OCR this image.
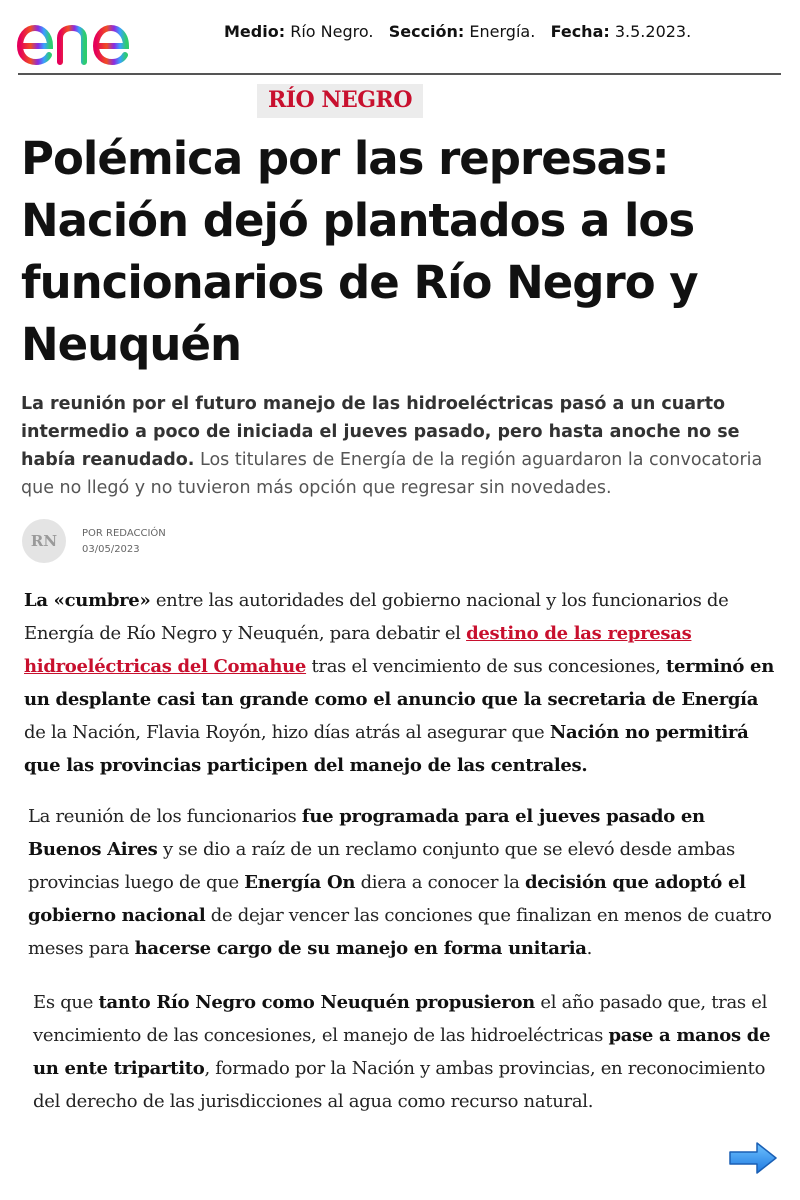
Medio: Río Negro. Sección: Energía. Fecha: 3.5.2023.
RÍO NEGRO
Polémica por las represas: Nación dejó plantados a los funcionarios de Río Negro y Neuquén

La reunión por el futuro manejo de las hidroeléctricas pasó a un cuarto intermedio a poco de iniciada el jueves pasado, pero hasta anoche no se había reanudado. Los titulares de Energía de la región aguardaron la convocatoria que no llegó y no tuvieron más opción que regresar sin novedades.

RN	POR REDACCIÓN
03/05/2023

La «cumbre» entre las autoridades del gobierno nacional y los funcionarios de Energía de Río Negro y Neuquén, para debatir el destino de las represas hidroeléctricas del Comahue tras el vencimiento de sus concesiones, terminó en un desplante casi tan grande como el anuncio que la secretaria de Energía de la Nación, Flavia Royón, hizo días atrás al asegurar que Nación no permitirá que las provincias participen del manejo de las centrales.

La reunión de los funcionarios fue programada para el jueves pasado en Buenos Aires y se dio a raíz de un reclamo conjunto que se elevó desde ambas provincias luego de que Energía On diera a conocer la decisión que adoptó el gobierno nacional de dejar vencer las conciones que finalizan en menos de cuatro meses para hacerse cargo de su manejo en forma unitaria.

Es que tanto Río Negro como Neuquén propusieron el año pasado que, tras el vencimiento de las concesiones, el manejo de las hidroeléctricas pase a manos de un ente tripartito, formado por la Nación y ambas provincias, en reconocimiento del derecho de las jurisdicciones al agua como recurso natural.
